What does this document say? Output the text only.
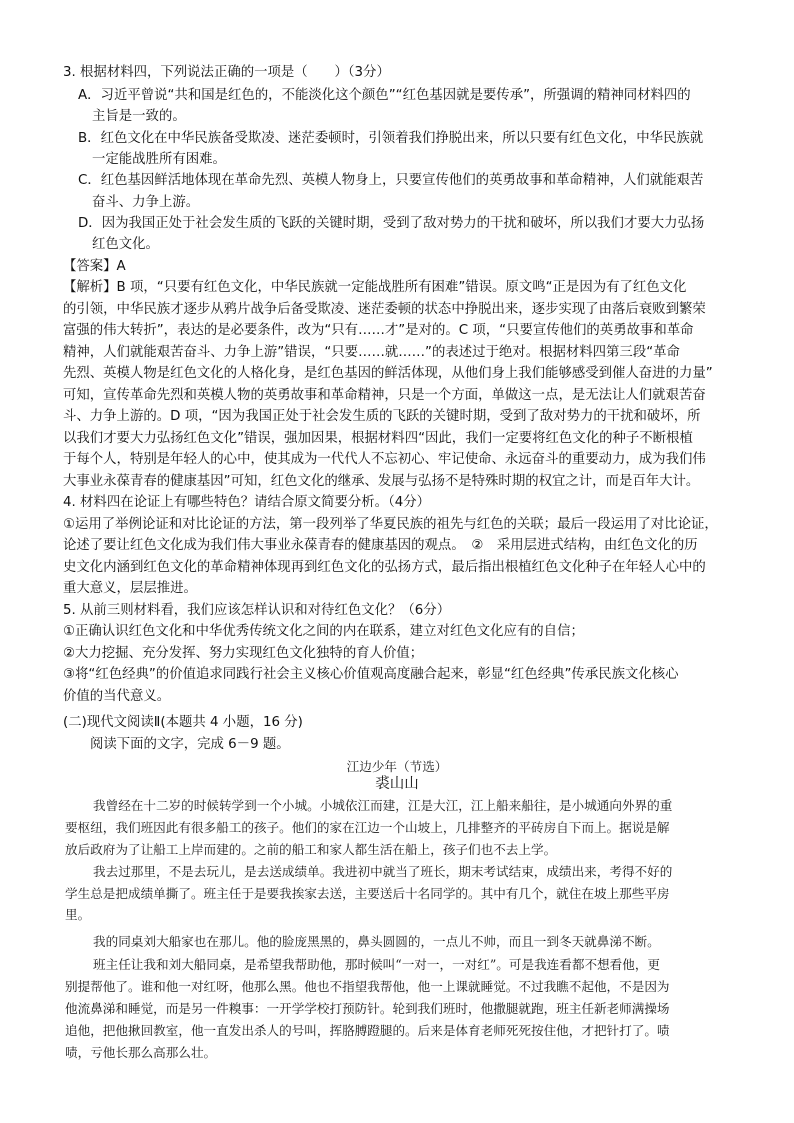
3. 根据材料四，下列说法正确的一项是（　　）（3分）
A．习近平曾说“共和国是红色的，不能淡化这个颜色”“红色基因就是要传承”，所强调的精神同材料四的
主旨是一致的。
B．红色文化在中华民族备受欺凌、迷茫委顿时，引领着我们挣脱出来，所以只要有红色文化，中华民族就
一定能战胜所有困难。
C．红色基因鲜活地体现在革命先烈、英模人物身上，只要宣传他们的英勇故事和革命精神，人们就能艰苦
奋斗、力争上游。
D．因为我国正处于社会发生质的飞跃的关键时期，受到了敌对势力的干扰和破坏，所以我们才要大力弘扬
红色文化。
【答案】A
【解析】B 项，“只要有红色文化，中华民族就一定能战胜所有困难”错误。原文鸣“正是因为有了红色文化
的引领，中华民族才逐步从鸦片战争后备受欺凌、迷茫委顿的状态中挣脱出来，逐步实现了由落后衰败到繁荣
富强的伟大转折”，表达的是必要条件，改为“只有……才”是对的。C 项，“只要宣传他们的英勇故事和革命
精神，人们就能艰苦奋斗、力争上游”错误，“只要……就……”的表述过于绝对。根据材料四第三段“革命
先烈、英模人物是红色文化的人格化身，是红色基因的鲜活体现，从他们身上我们能够感受到催人奋进的力量”
可知，宣传革命先烈和英模人物的英勇故事和革命精神，只是一个方面，单做这一点，是无法让人们就艰苦奋
斗、力争上游的。D 项，“因为我国正处于社会发生质的飞跃的关键时期，受到了敌对势力的干扰和破坏，所
以我们才要大力弘扬红色文化”错误，强加因果，根据材料四“因此，我们一定要将红色文化的种子不断根植
于每个人，特别是年轻人的心中，使其成为一代代人不忘初心、牢记使命、永远奋斗的重要动力，成为我们伟
大事业永葆青春的健康基因”可知，红色文化的继承、发展与弘扬不是特殊时期的权宜之计，而是百年大计。
4. 材料四在论证上有哪些特色？请结合原文简要分析。（4分）
①运用了举例论证和对比论证的方法，第一段列举了华夏民族的祖先与红色的关联；最后一段运用了对比论证，
论述了要让红色文化成为我们伟大事业永葆青春的健康基因的观点。　②　采用层进式结构，由红色文化的历
史文化内涵到红色文化的革命精神体现再到红色文化的弘扬方式，最后指出根植红色文化种子在年轻人心中的
重大意义，层层推进。
5. 从前三则材料看，我们应该怎样认识和对待红色文化？（6分）
①正确认识红色文化和中华优秀传统文化之间的内在联系，建立对红色文化应有的自信；
②大力挖掘、充分发挥、努力实现红色文化独特的育人价值；
③将“红色经典”的价值追求同践行社会主义核心价值观高度融合起来，彰显“红色经典”传承民族文化核心
价值的当代意义。
(二)现代文阅读Ⅱ(本题共 4 小题，16 分)
阅读下面的文字，完成 6－9 题。
江边少年（节选）
裘山山
我曾经在十二岁的时候转学到一个小城。小城依江而建，江是大江，江上船来船往，是小城通向外界的重
要枢纽，我们班因此有很多船工的孩子。他们的家在江边一个山坡上，几排整齐的平砖房自下而上。据说是解
放后政府为了让船工上岸而建的。之前的船工和家人都生活在船上，孩子们也不去上学。
我去过那里，不是去玩儿，是去送成绩单。我进初中就当了班长，期末考试结束，成绩出来，考得不好的
学生总是把成绩单撕了。班主任于是要我挨家去送，主要送后十名同学的。其中有几个，就住在坡上那些平房
里。
我的同桌刘大船家也在那儿。他的脸庞黑黑的，鼻头圆圆的，一点儿不帅，而且一到冬天就鼻涕不断。
班主任让我和刘大船同桌，是希望我帮助他，那时候叫“一对一，一对红”。可是我连看都不想看他，更
别提帮他了。谁和他一对红呀，他那么黑。他也不指望我帮他，他一上课就睡觉。不过我瞧不起他，不是因为
他流鼻涕和睡觉，而是另一件糗事：一开学学校打预防针。轮到我们班时，他撒腿就跑，班主任新老师满操场
追他，把他揪回教室，他一直发出杀人的号叫，挥胳膊蹬腿的。后来是体育老师死死按住他，才把针打了。啧
啧，亏他长那么高那么壮。
